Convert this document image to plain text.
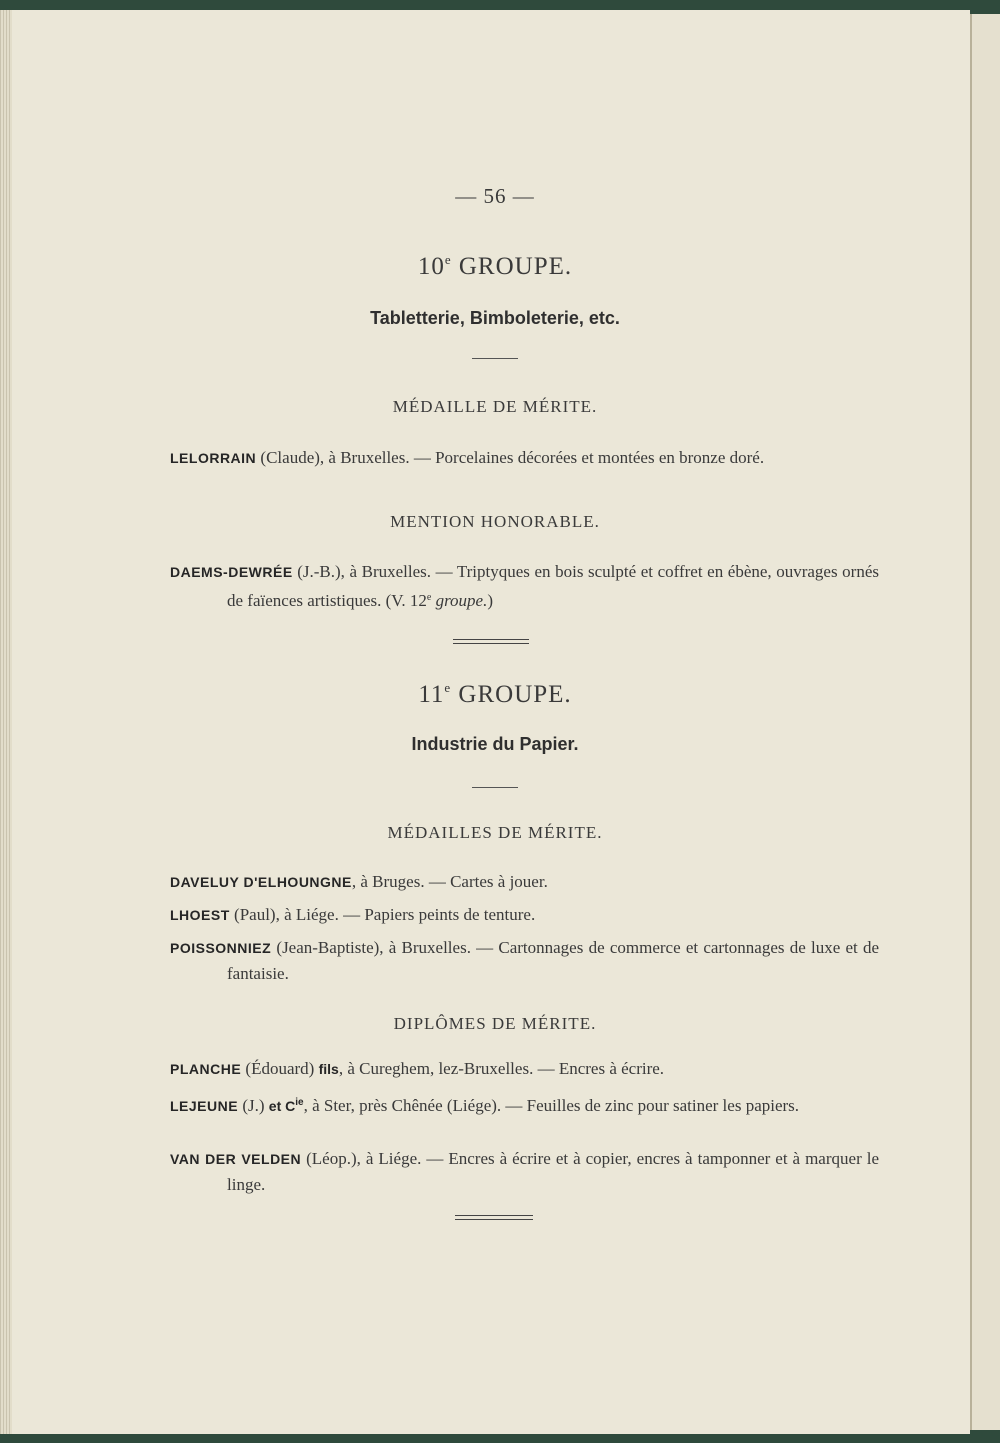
— 56 —
10e GROUPE.
Tabletterie, Bimboleterie, etc.
MÉDAILLE DE MÉRITE.
LELORRAIN (Claude), à Bruxelles. — Porcelaines décorées et montées en bronze doré.
MENTION HONORABLE.
DAEMS-DEWRÉE (J.-B.), à Bruxelles. — Triptyques en bois sculpté et coffret en ébène, ouvrages ornés de faïences artistiques. (V. 12e groupe.)
11e GROUPE.
Industrie du Papier.
MÉDAILLES DE MÉRITE.
DAVELUY D'ELHOUNGNE, à Bruges. — Cartes à jouer.
LHOEST (Paul), à Liége. — Papiers peints de tenture.
POISSONNIEZ (Jean-Baptiste), à Bruxelles. — Cartonnages de commerce et cartonnages de luxe et de fantaisie.
DIPLÔMES DE MÉRITE.
PLANCHE (Édouard) fils, à Cureghem, lez-Bruxelles. — Encres à écrire.
LEJEUNE (J.) et $C^{ie}$, à Ster, près Chênée (Liége). — Feuilles de zinc pour satiner les papiers.
VAN DER VELDEN (Léop.), à Liége. — Encres à écrire et à copier, encres à tamponner et à marquer le linge.
